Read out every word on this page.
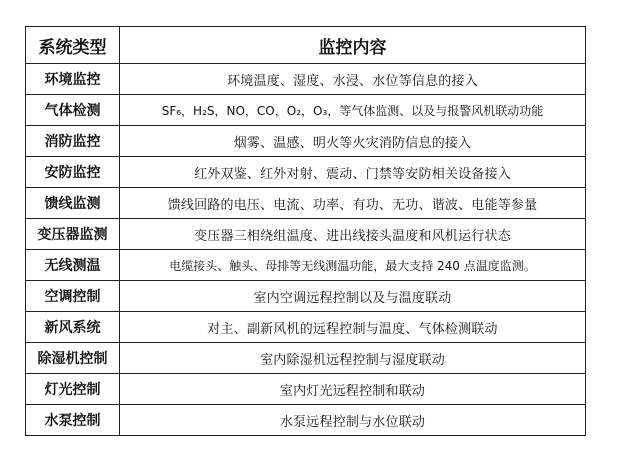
系统类型	监控内容
环境监控	环境温度、湿度、水浸、水位等信息的接入
气体检测	SF₆，H₂S，NO，CO，O₂，O₃，等气体监测、以及与报警风机联动功能
消防监控	烟雾、温感、明火等火灾消防信息的接入
安防监控	红外双鉴、红外对射、震动、门禁等安防相关设备接入
馈线监测	馈线回路的电压、电流、功率、有功、无功、谐波、电能等参量
变压器监测	变压器三相绕组温度、进出线接头温度和风机运行状态
无线测温	电缆接头、触头、母排等无线测温功能，最大支持 240 点温度监测。
空调控制	室内空调远程控制以及与温度联动
新风系统	对主、副新风机的远程控制与温度、气体检测联动
除湿机控制	室内除湿机远程控制与湿度联动
灯光控制	室内灯光远程控制和联动
水泵控制	水泵远程控制与水位联动
